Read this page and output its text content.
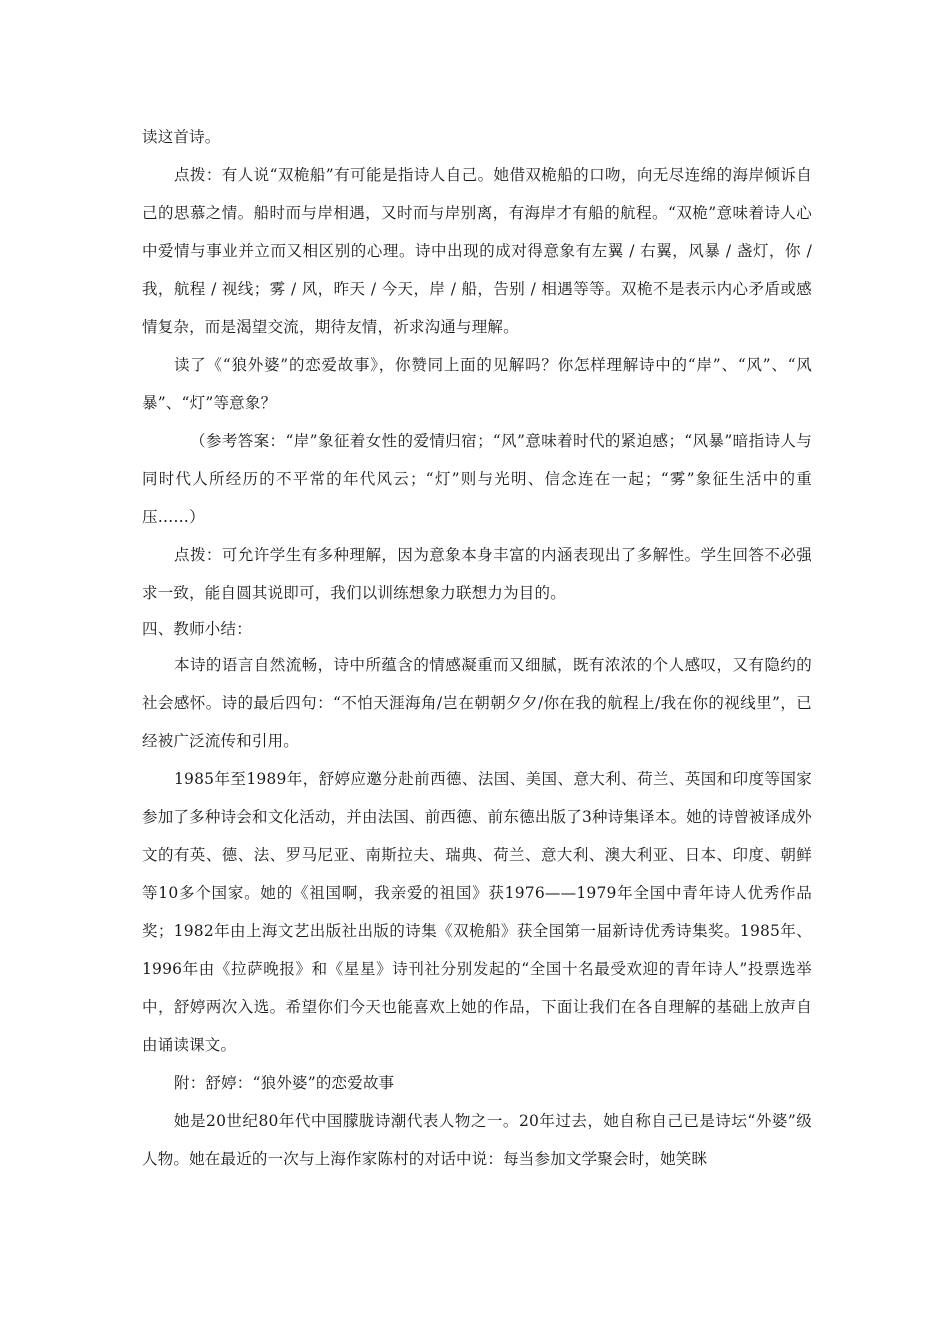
读这首诗。

点拨：有人说“双桅船”有可能是指诗人自己。她借双桅船的口吻，向无尽连绵的海岸倾诉自己的思慕之情。船时而与岸相遇，又时而与岸别离，有海岸才有船的航程。“双桅”意味着诗人心中爱情与事业并立而又相区别的心理。诗中出现的成对得意象有左翼 / 右翼，风暴 / 盏灯，你 / 我，航程 / 视线；雾 / 风，昨天 / 今天，岸 / 船，告别 / 相遇等等。双桅不是表示内心矛盾或感情复杂，而是渴望交流，期待友情，祈求沟通与理解。

读了《“狼外婆”的恋爱故事》，你赞同上面的见解吗？你怎样理解诗中的“岸”、“风”、“风暴”、“灯”等意象？

（参考答案：“岸”象征着女性的爱情归宿；“风”意味着时代的紧迫感；“风暴”暗指诗人与同时代人所经历的不平常的年代风云；“灯”则与光明、信念连在一起；“雾”象征生活中的重压……）

点拨：可允许学生有多种理解，因为意象本身丰富的内涵表现出了多解性。学生回答不必强求一致，能自圆其说即可，我们以训练想象力联想力为目的。

四、教师小结：

本诗的语言自然流畅，诗中所蕴含的情感凝重而又细腻，既有浓浓的个人感叹，又有隐约的社会感怀。诗的最后四句：“不怕天涯海角/岂在朝朝夕夕/你在我的航程上/我在你的视线里”，已经被广泛流传和引用。

1985年至1989年，舒婷应邀分赴前西德、法国、美国、意大利、荷兰、英国和印度等国家参加了多种诗会和文化活动，并由法国、前西德、前东德出版了3种诗集译本。她的诗曾被译成外文的有英、德、法、罗马尼亚、南斯拉夫、瑞典、荷兰、意大利、澳大利亚、日本、印度、朝鲜等10多个国家。她的《祖国啊，我亲爱的祖国》获1976——1979年全国中青年诗人优秀作品奖；1982年由上海文艺出版社出版的诗集《双桅船》获全国第一届新诗优秀诗集奖。1985年、1996年由《拉萨晚报》和《星星》诗刊社分别发起的“全国十名最受欢迎的青年诗人”投票选举中，舒婷两次入选。希望你们今天也能喜欢上她的作品，下面让我们在各自理解的基础上放声自由诵读课文。

附：舒婷：“狼外婆”的恋爱故事

她是20世纪80年代中国朦胧诗潮代表人物之一。20年过去，她自称自己已是诗坛“外婆”级人物。她在最近的一次与上海作家陈村的对话中说：每当参加文学聚会时，她笑眯
